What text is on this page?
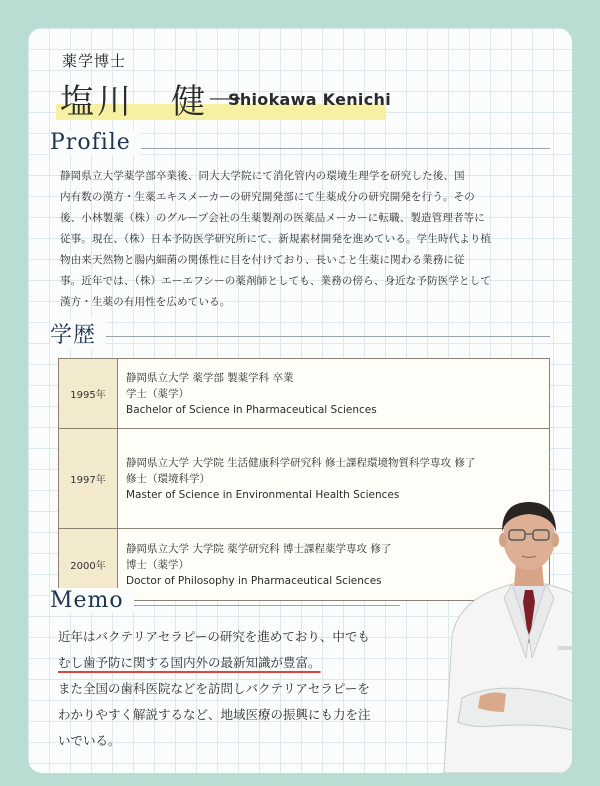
薬学博士
塩川　健一
Shiokawa Kenichi
Profile
静岡県立大学薬学部卒業後、同大大学院にて消化管内の環境生理学を研究した後、国
内有数の漢方・生薬エキスメーカーの研究開発部にて生薬成分の研究開発を行う。その
後、小林製薬（株）のグループ会社の生薬製剤の医薬品メーカーに転職、製造管理者等に
従事。現在、（株）日本予防医学研究所にて、新規素材開発を進めている。学生時代より植
物由来天然物と腸内細菌の関係性に目を付けており、長いこと生薬に関わる業務に従
事。近年では、（株）エーエフシーの薬剤師としても、業務の傍ら、身近な予防医学として
漢方・生薬の有用性を広めている。
学歴
1995年	静岡県立大学 薬学部 製薬学科 卒業
学士（薬学）
Bachelor of Science in Pharmaceutical Sciences

1997年	静岡県立大学 大学院 生活健康科学研究科 修士課程環境物質科学専攻 修了
修士（環境科学）
Master of Science in Environmental Health Sciences

2000年	静岡県立大学 大学院 薬学研究科 博士課程薬学専攻 修了
博士（薬学）
Doctor of Philosophy in Pharmaceutical Sciences
Memo
近年はバクテリアセラピーの研究を進めており、中でも
むし歯予防に関する国内外の最新知識が豊富。
また全国の歯科医院などを訪問しバクテリアセラピーを
わかりやすく解説するなど、地域医療の振興にも力を注
いでいる。
